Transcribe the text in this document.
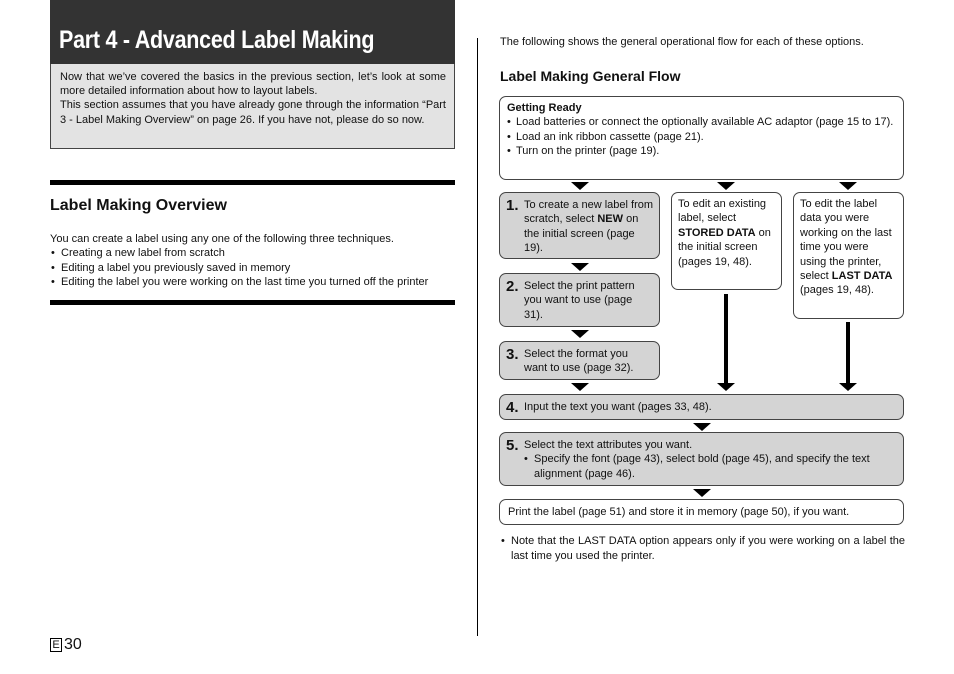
Part 4 - Advanced Label Making

Now that we’ve covered the basics in the previous section, let’s look at some more detailed information about how to layout labels.

This section assumes that you have already gone through the information “Part 3 - Label Making Overview” on page 26. If you have not, please do so now.

Label Making Overview

You can create a label using any one of the following three techniques.

• Creating a new label from scratch
• Editing a label you previously saved in memory
• Editing the label you were working on the last time you turned off the printer
The following shows the general operational flow for each of these options.
Label Making General Flow
Getting Ready
• Load batteries or connect the optionally available AC adaptor (page 15 to 17).
• Load an ink ribbon cassette (page 21).
• Turn on the printer (page 19).
1. To create a new label from scratch, select NEW on the initial screen (page 19).
2. Select the print pattern you want to use (page 31).
3. Select the format you want to use (page 32).
To edit an existing label, select STORED DATA on the initial screen (pages 19, 48).
To edit the label data you were working on the last time you were using the printer, select LAST DATA (pages 19, 48).
4. Input the text you want (pages 33, 48).
5. Select the text attributes you want.
• Specify the font (page 43), select bold (page 45), and specify the text alignment (page 46).
Print the label (page 51) and store it in memory (page 50), if you want.
• Note that the LAST DATA option appears only if you were working on a label the last time you used the printer.
E 30
